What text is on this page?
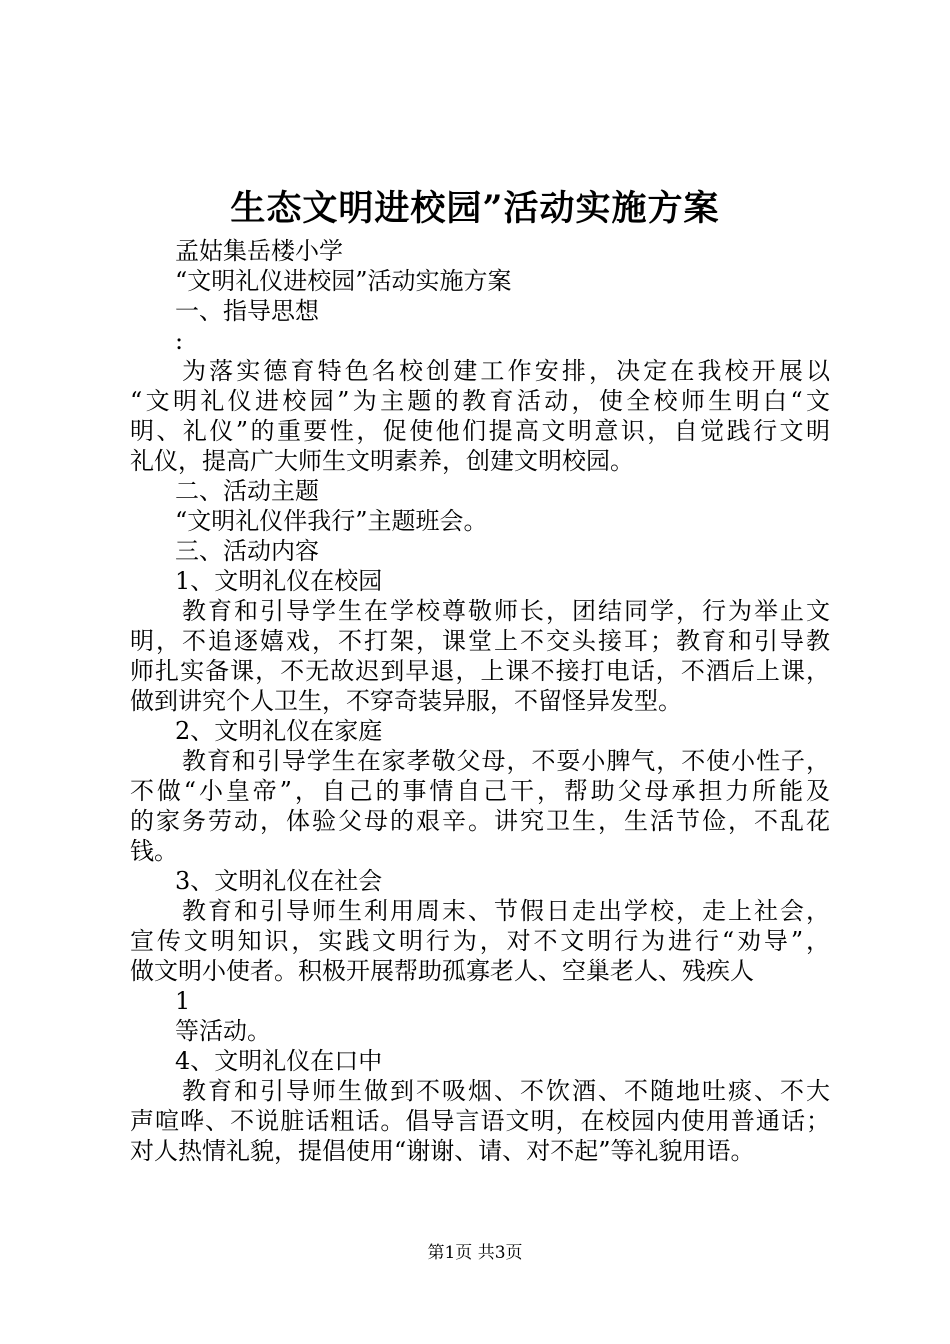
生态文明进校园”活动实施方案
孟姑集岳楼小学
“文明礼仪进校园”活动实施方案
一、指导思想
:
为落实德育特色名校创建工作安排，决定在我校开展以
“文明礼仪进校园”为主题的教育活动，使全校师生明白“文
明、礼仪”的重要性，促使他们提高文明意识，自觉践行文明
礼仪，提高广大师生文明素养，创建文明校园。
二、活动主题
“文明礼仪伴我行”主题班会。
三、活动内容
1、文明礼仪在校园
教育和引导学生在学校尊敬师长，团结同学，行为举止文
明，不追逐嬉戏，不打架，课堂上不交头接耳；教育和引导教
师扎实备课，不无故迟到早退，上课不接打电话，不酒后上课，
做到讲究个人卫生，不穿奇装异服，不留怪异发型。
2、文明礼仪在家庭
教育和引导学生在家孝敬父母，不耍小脾气，不使小性子，
不做“小皇帝”，自己的事情自己干，帮助父母承担力所能及
的家务劳动，体验父母的艰辛。讲究卫生，生活节俭，不乱花
钱。
3、文明礼仪在社会
教育和引导师生利用周末、节假日走出学校，走上社会，
宣传文明知识，实践文明行为，对不文明行为进行“劝导”，
做文明小使者。积极开展帮助孤寡老人、空巢老人、残疾人
1
等活动。
4、文明礼仪在口中
教育和引导师生做到不吸烟、不饮酒、不随地吐痰、不大
声喧哗、不说脏话粗话。倡导言语文明，在校园内使用普通话；
对人热情礼貌，提倡使用“谢谢、请、对不起”等礼貌用语。
第1页 共3页
